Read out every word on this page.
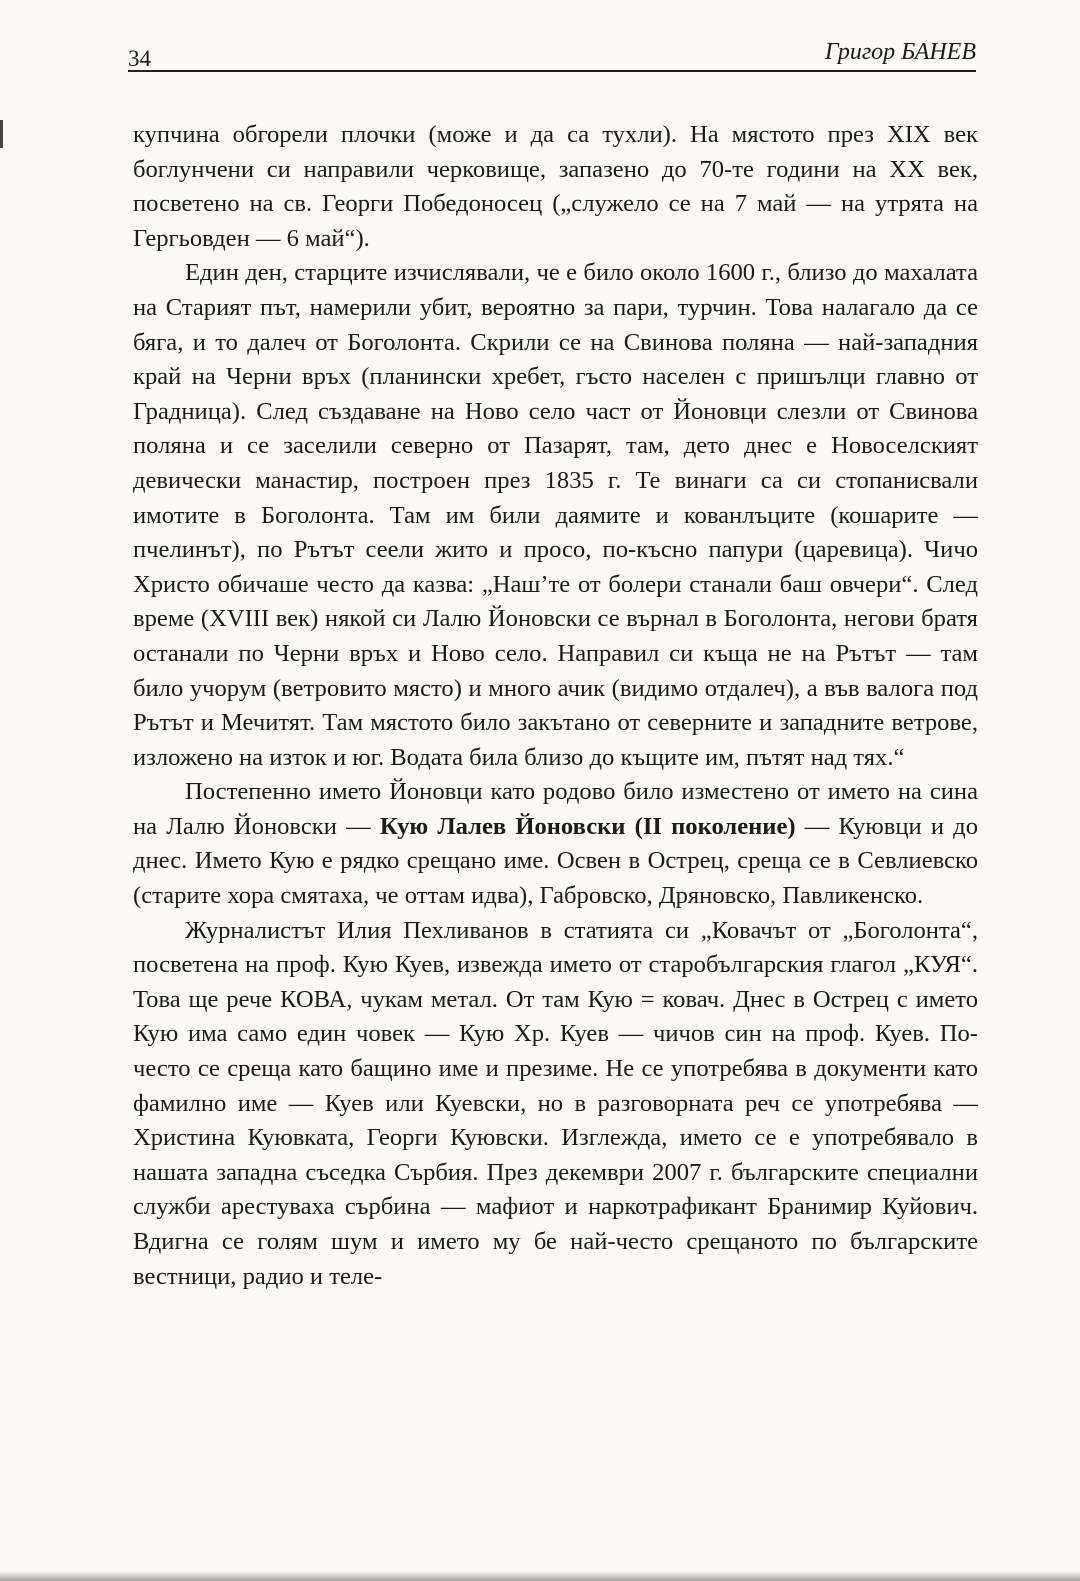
34	Григор БАНЕВ

купчина обгорели плочки (може и да са тухли). На мястото през XIX век боглунчени си направили черковище, запазено до 70-те години на XX век, посветено на св. Георги Победоносец („служело се на 7 май — на утрята на Гергьовден — 6 май“).

Един ден, старците изчислявали, че е било около 1600 г., близо до махалата на Старият път, намерили убит, вероятно за пари, турчин. Това налагало да се бяга, и то далеч от Боголонта. Скрили се на Свинова поляна — най-западния край на Черни връх (планински хребет, гъсто населен с пришълци главно от Градница). След създаване на Ново село част от Йоновци слезли от Свинова поляна и се заселили северно от Пазарят, там, дето днес е Новоселският девически манастир, построен през 1835 г. Те винаги са си стопанисвали имотите в Боголонта. Там им били даямите и кованлъците (кошарите — пчелинът), по Рътът сеели жито и просо, по-късно папури (царевица). Чичо Христо обичаше често да казва: „Наш’те от болери станали баш овчери“. След време (XVIII век) някой си Лалю Йоновски се върнал в Боголонта, негови братя останали по Черни връх и Ново село. Направил си къща не на Рътът — там било учорум (ветровито място) и много ачик (видимо отдалеч), а във валога под Рътът и Мечитят. Там мястото било закътано от северните и западните ветрове, изложено на изток и юг. Водата била близо до къщите им, пътят над тях.“

Постепенно името Йоновци като родово било изместено от името на сина на Лалю Йоновски — Кую Лалев Йоновски (II поколение) — Куювци и до днес. Името Кую е рядко срещано име. Освен в Острец, среща се в Севлиевско (старите хора смятаха, че оттам идва), Габровско, Дряновско, Павликенско.

Журналистът Илия Пехливанов в статията си „Ковачът от „Боголонта“, посветена на проф. Кую Куев, извежда името от старобългарския глагол „КУЯ“. Това ще рече КОВА, чукам метал. От там Кую = ковач. Днес в Острец с името Кую има само един човек — Кую Хр. Куев — чичов син на проф. Куев. По-често се среща като бащино име и презиме. Не се употребява в документи като фамилно име — Куев или Куевски, но в разговорната реч се употребява — Христина Куювката, Георги Куювски. Изглежда, името се е употребявало в нашата западна съседка Сърбия. През декември 2007 г. българските специални служби арестуваха сърбина — мафиот и наркотрафикант Бранимир Куйович. Вдигна се голям шум и името му бе най-често срещаното по българските вестници, радио и теле-
